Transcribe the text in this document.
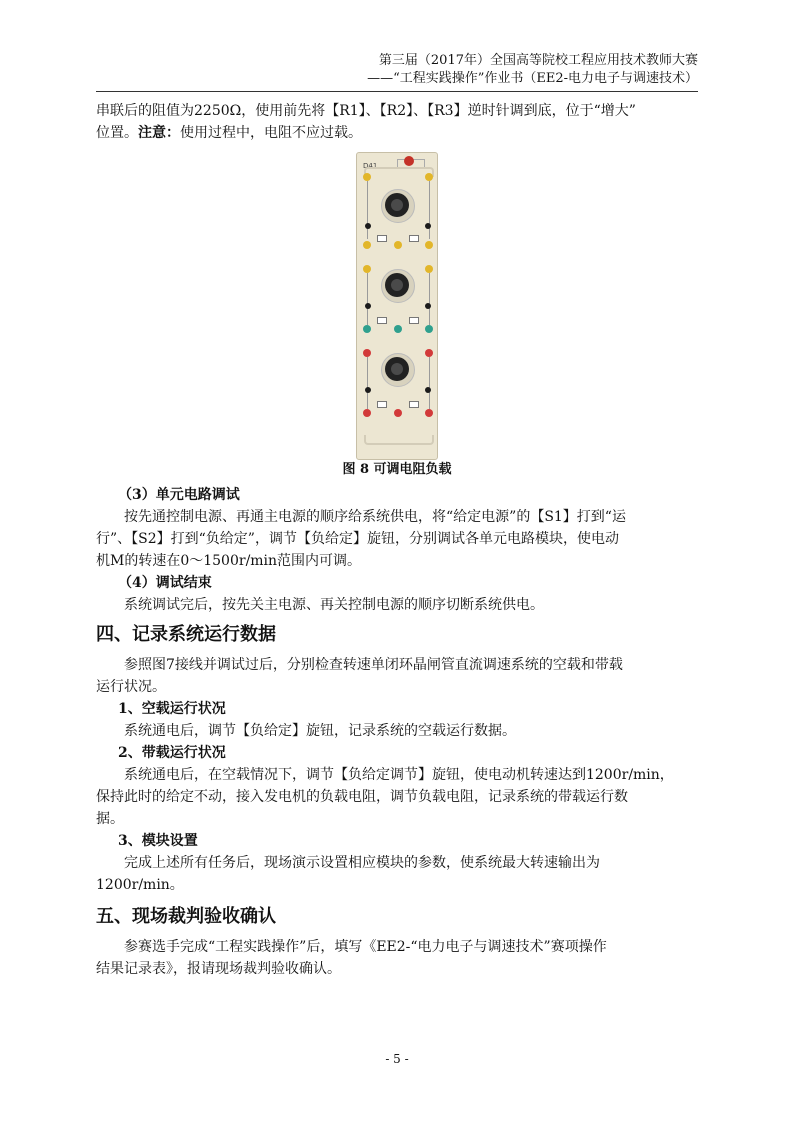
第三届（2017年）全国高等院校工程应用技术教师大赛
——“工程实践操作”作业书（EE2-电力电子与调速技术）

串联后的阻值为2250Ω，使用前先将【R1】、【R2】、【R3】逆时针调到底，位于“增大”

位置。注意：使用过程中，电阻不应过载。

D41

图 8 可调电阻负载

（3）单元电路调试

按先通控制电源、再通主电源的顺序给系统供电，将“给定电源”的【S1】打到“运

行”、【S2】打到“负给定”，调节【负给定】旋钮，分别调试各单元电路模块，使电动

机M的转速在0～1500r/min范围内可调。

（4）调试结束

系统调试完后，按先关主电源、再关控制电源的顺序切断系统供电。

四、记录系统运行数据

参照图7接线并调试过后，分别检查转速单闭环晶闸管直流调速系统的空载和带载

运行状况。

1、空载运行状况

系统通电后，调节【负给定】旋钮，记录系统的空载运行数据。

2、带载运行状况

系统通电后，在空载情况下，调节【负给定调节】旋钮，使电动机转速达到1200r/min，

保持此时的给定不动，接入发电机的负载电阻，调节负载电阻，记录系统的带载运行数

据。

3、模块设置

完成上述所有任务后，现场演示设置相应模块的参数，使系统最大转速输出为

1200r/min。

五、现场裁判验收确认

参赛选手完成“工程实践操作”后，填写《EE2-“电力电子与调速技术”赛项操作

结果记录表》，报请现场裁判验收确认。

- 5 -
